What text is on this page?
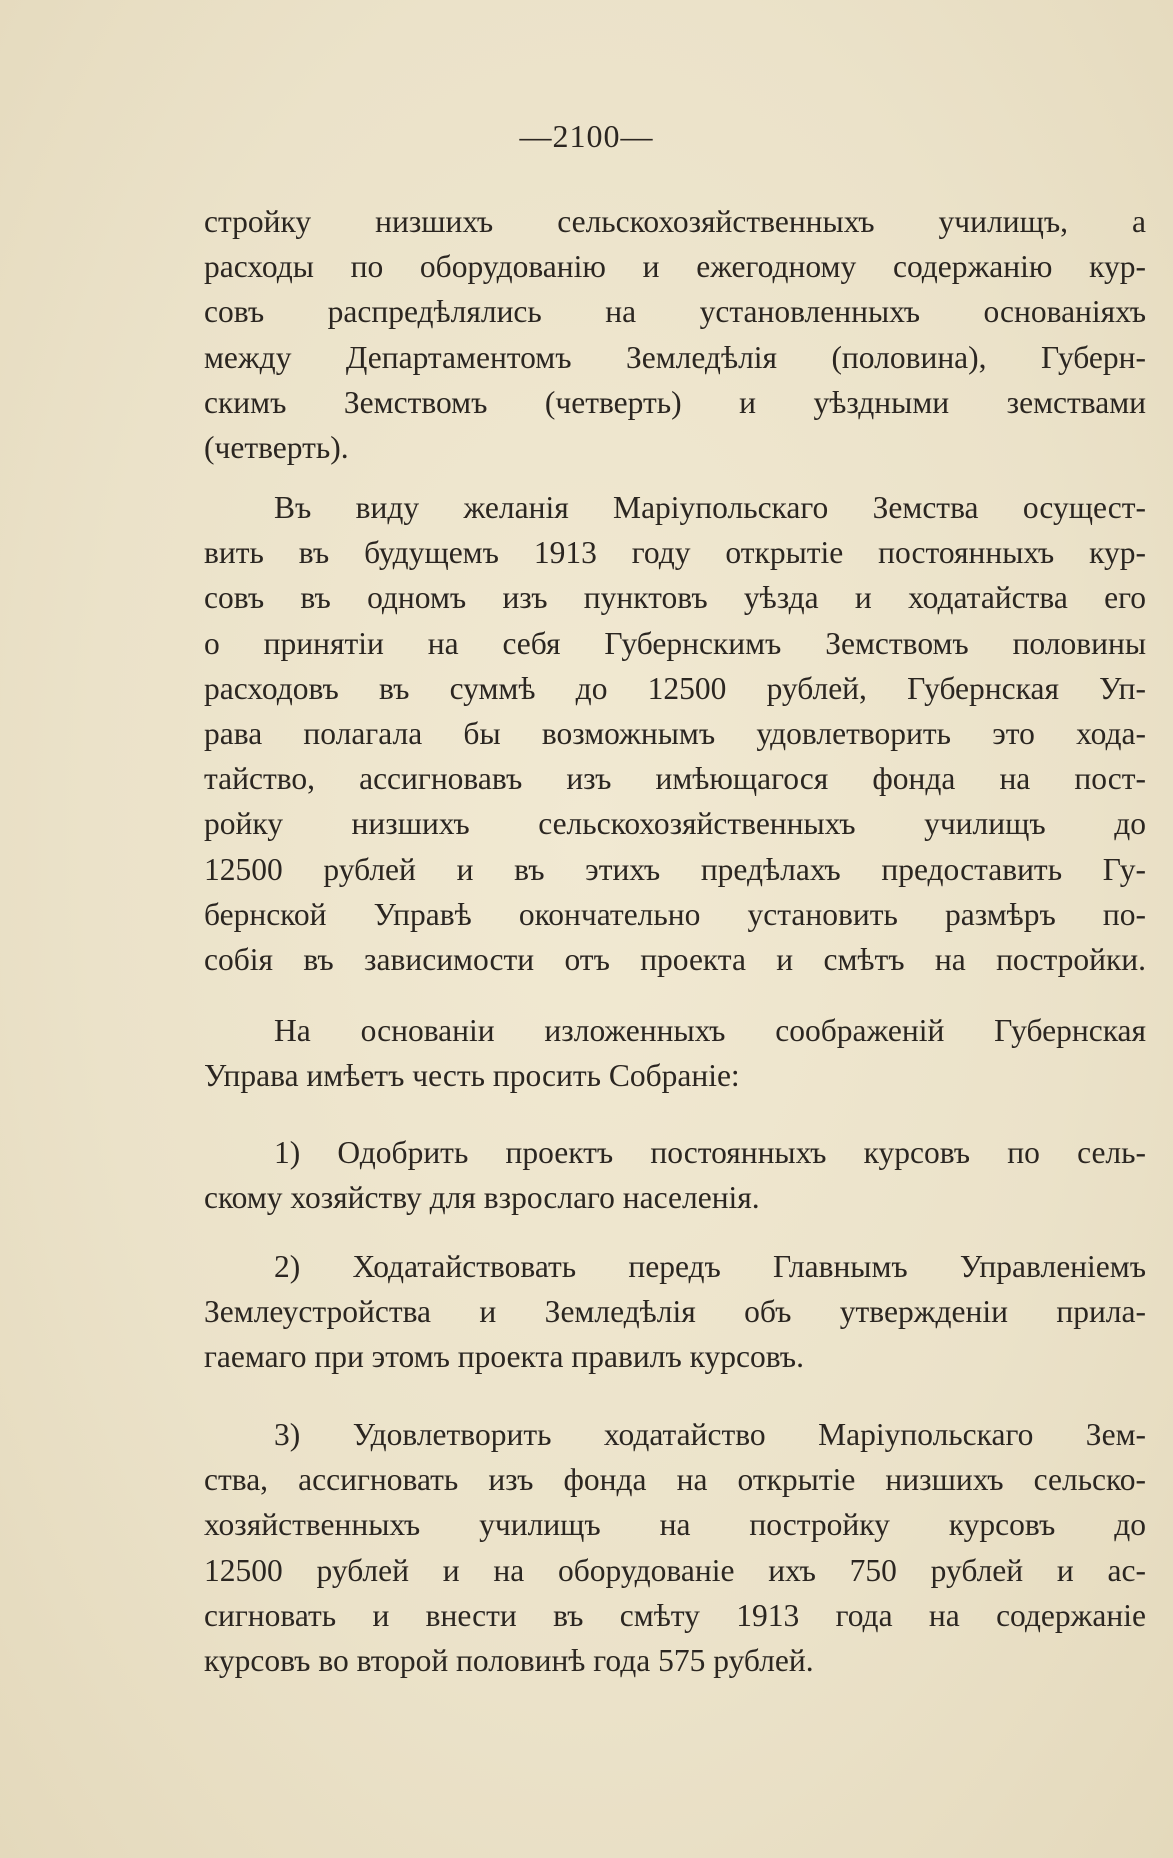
—2100—
стройку низшихъ сельскохозяйственныхъ училищъ, а
расходы по оборудованію и ежегодному содержанію кур-
совъ распредѣлялись на установленныхъ основаніяхъ
между Департаментомъ Земледѣлія (половина), Губерн-
скимъ Земствомъ (четверть) и уѣздными земствами
(четверть).
Въ виду желанія Маріупольскаго Земства осущест-
вить въ будущемъ 1913 году открытіе постоянныхъ кур-
совъ въ одномъ изъ пунктовъ уѣзда и ходатайства его
о принятіи на себя Губернскимъ Земствомъ половины
расходовъ въ суммѣ до 12500 рублей, Губернская Уп-
рава полагала бы возможнымъ удовлетворить это хода-
тайство, ассигновавъ изъ имѣющагося фонда на пост-
ройку низшихъ сельскохозяйственныхъ училищъ до
12500 рублей и въ этихъ предѣлахъ предоставить Гу-
бернской Управѣ окончательно установить размѣръ по-
собія въ зависимости отъ проекта и смѣтъ на постройки.
На основаніи изложенныхъ соображеній Губернская
Управа имѣетъ честь просить Собраніе:
1) Одобрить проектъ постоянныхъ курсовъ по сель-
скому хозяйству для взрослаго населенія.
2) Ходатайствовать передъ Главнымъ Управленіемъ
Землеустройства и Земледѣлія объ утвержденіи прила-
гаемаго при этомъ проекта правилъ курсовъ.
3) Удовлетворить ходатайство Маріупольскаго Зем-
ства, ассигновать изъ фонда на открытіе низшихъ сельско-
хозяйственныхъ училищъ на постройку курсовъ до
12500 рублей и на оборудованіе ихъ 750 рублей и ас-
сигновать и внести въ смѣту 1913 года на содержаніе
курсовъ во второй половинѣ года 575 рублей.
